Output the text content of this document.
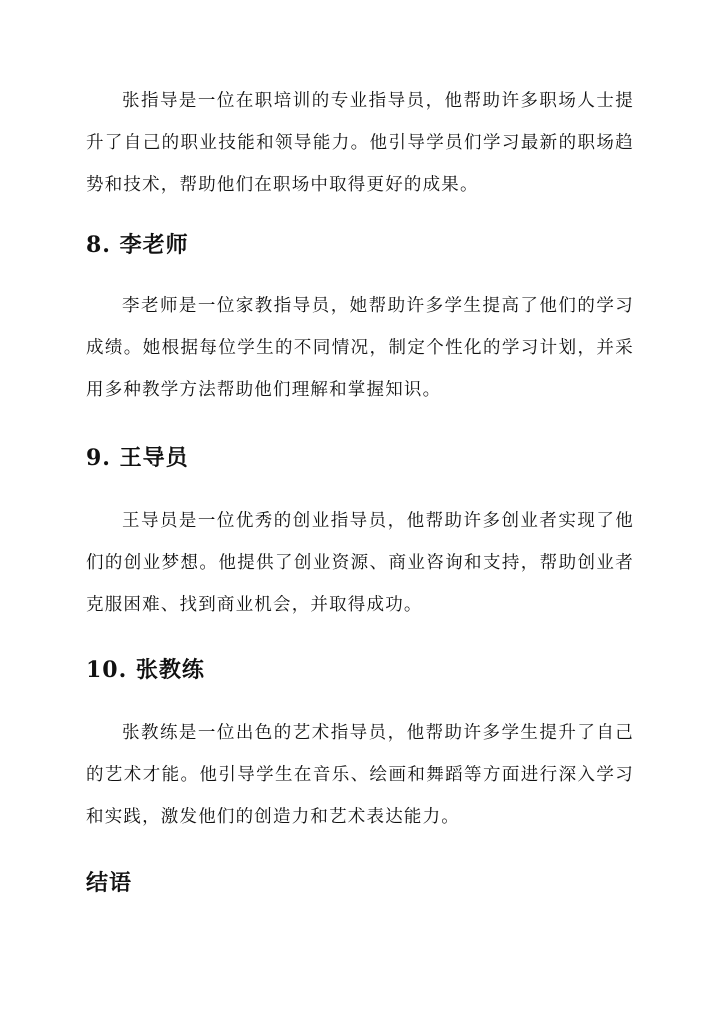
张指导是一位在职培训的专业指导员，他帮助许多职场人士提升了自己的职业技能和领导能力。他引导学员们学习最新的职场趋势和技术，帮助他们在职场中取得更好的成果。

8. 李老师

李老师是一位家教指导员，她帮助许多学生提高了他们的学习成绩。她根据每位学生的不同情况，制定个性化的学习计划，并采用多种教学方法帮助他们理解和掌握知识。

9. 王导员

王导员是一位优秀的创业指导员，他帮助许多创业者实现了他们的创业梦想。他提供了创业资源、商业咨询和支持，帮助创业者克服困难、找到商业机会，并取得成功。

10. 张教练

张教练是一位出色的艺术指导员，他帮助许多学生提升了自己的艺术才能。他引导学生在音乐、绘画和舞蹈等方面进行深入学习和实践，激发他们的创造力和艺术表达能力。

结语
